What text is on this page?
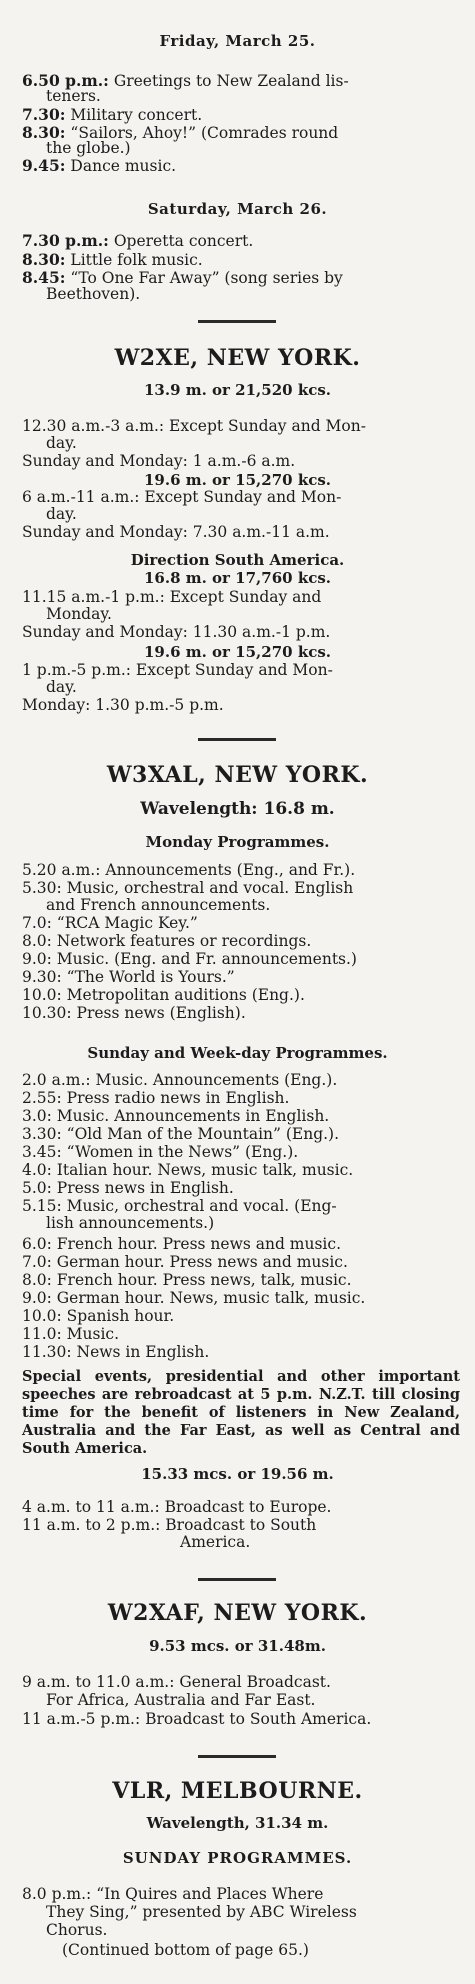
Friday, March 25.
6.50 p.m.: Greetings to New Zealand lis-
teners.
7.30: Military concert.
8.30: “Sailors, Ahoy!” (Comrades round
the globe.)
9.45: Dance music.
Saturday, March 26.
7.30 p.m.: Operetta concert.
8.30: Little folk music.
8.45: “To One Far Away” (song series by
Beethoven).
W2XE, NEW YORK.
13.9 m. or 21,520 kcs.
12.30 a.m.-3 a.m.: Except Sunday and Mon-
day.
Sunday and Monday: 1 a.m.-6 a.m.
19.6 m. or 15,270 kcs.
6 a.m.-11 a.m.: Except Sunday and Mon-
day.
Sunday and Monday: 7.30 a.m.-11 a.m.
Direction South America.
16.8 m. or 17,760 kcs.
11.15 a.m.-1 p.m.: Except Sunday and
Monday.
Sunday and Monday: 11.30 a.m.-1 p.m.
19.6 m. or 15,270 kcs.
1 p.m.-5 p.m.: Except Sunday and Mon-
day.
Monday: 1.30 p.m.-5 p.m.
W3XAL, NEW YORK.
Wavelength: 16.8 m.
Monday Programmes.
5.20 a.m.: Announcements (Eng., and Fr.).
5.30: Music, orchestral and vocal. English
and French announcements.
7.0: “RCA Magic Key.”
8.0: Network features or recordings.
9.0: Music. (Eng. and Fr. announcements.)
9.30: “The World is Yours.”
10.0: Metropolitan auditions (Eng.).
10.30: Press news (English).
Sunday and Week-day Programmes.
2.0 a.m.: Music. Announcements (Eng.).
2.55: Press radio news in English.
3.0: Music. Announcements in English.
3.30: “Old Man of the Mountain” (Eng.).
3.45: “Women in the News” (Eng.).
4.0: Italian hour. News, music talk, music.
5.0: Press news in English.
5.15: Music, orchestral and vocal. (Eng-
lish announcements.)
6.0: French hour. Press news and music.
7.0: German hour. Press news and music.
8.0: French hour. Press news, talk, music.
9.0: German hour. News, music talk, music.
10.0: Spanish hour.
11.0: Music.
11.30: News in English.
Special events, presidential and other important speeches are rebroadcast at 5 p.m. N.Z.T. till closing time for the benefit of listeners in New Zealand, Australia and the Far East, as well as Central and South America.
15.33 mcs. or 19.56 m.
4 a.m. to 11 a.m.: Broadcast to Europe.
11 a.m. to 2 p.m.: Broadcast to South
America.
W2XAF, NEW YORK.
9.53 mcs. or 31.48m.
9 a.m. to 11.0 a.m.: General Broadcast.
For Africa, Australia and Far East.
11 a.m.-5 p.m.: Broadcast to South America.
VLR, MELBOURNE.
Wavelength, 31.34 m.
SUNDAY PROGRAMMES.
8.0 p.m.: “In Quires and Places Where
They Sing,” presented by ABC Wireless
Chorus.
(Continued bottom of page 65.)
